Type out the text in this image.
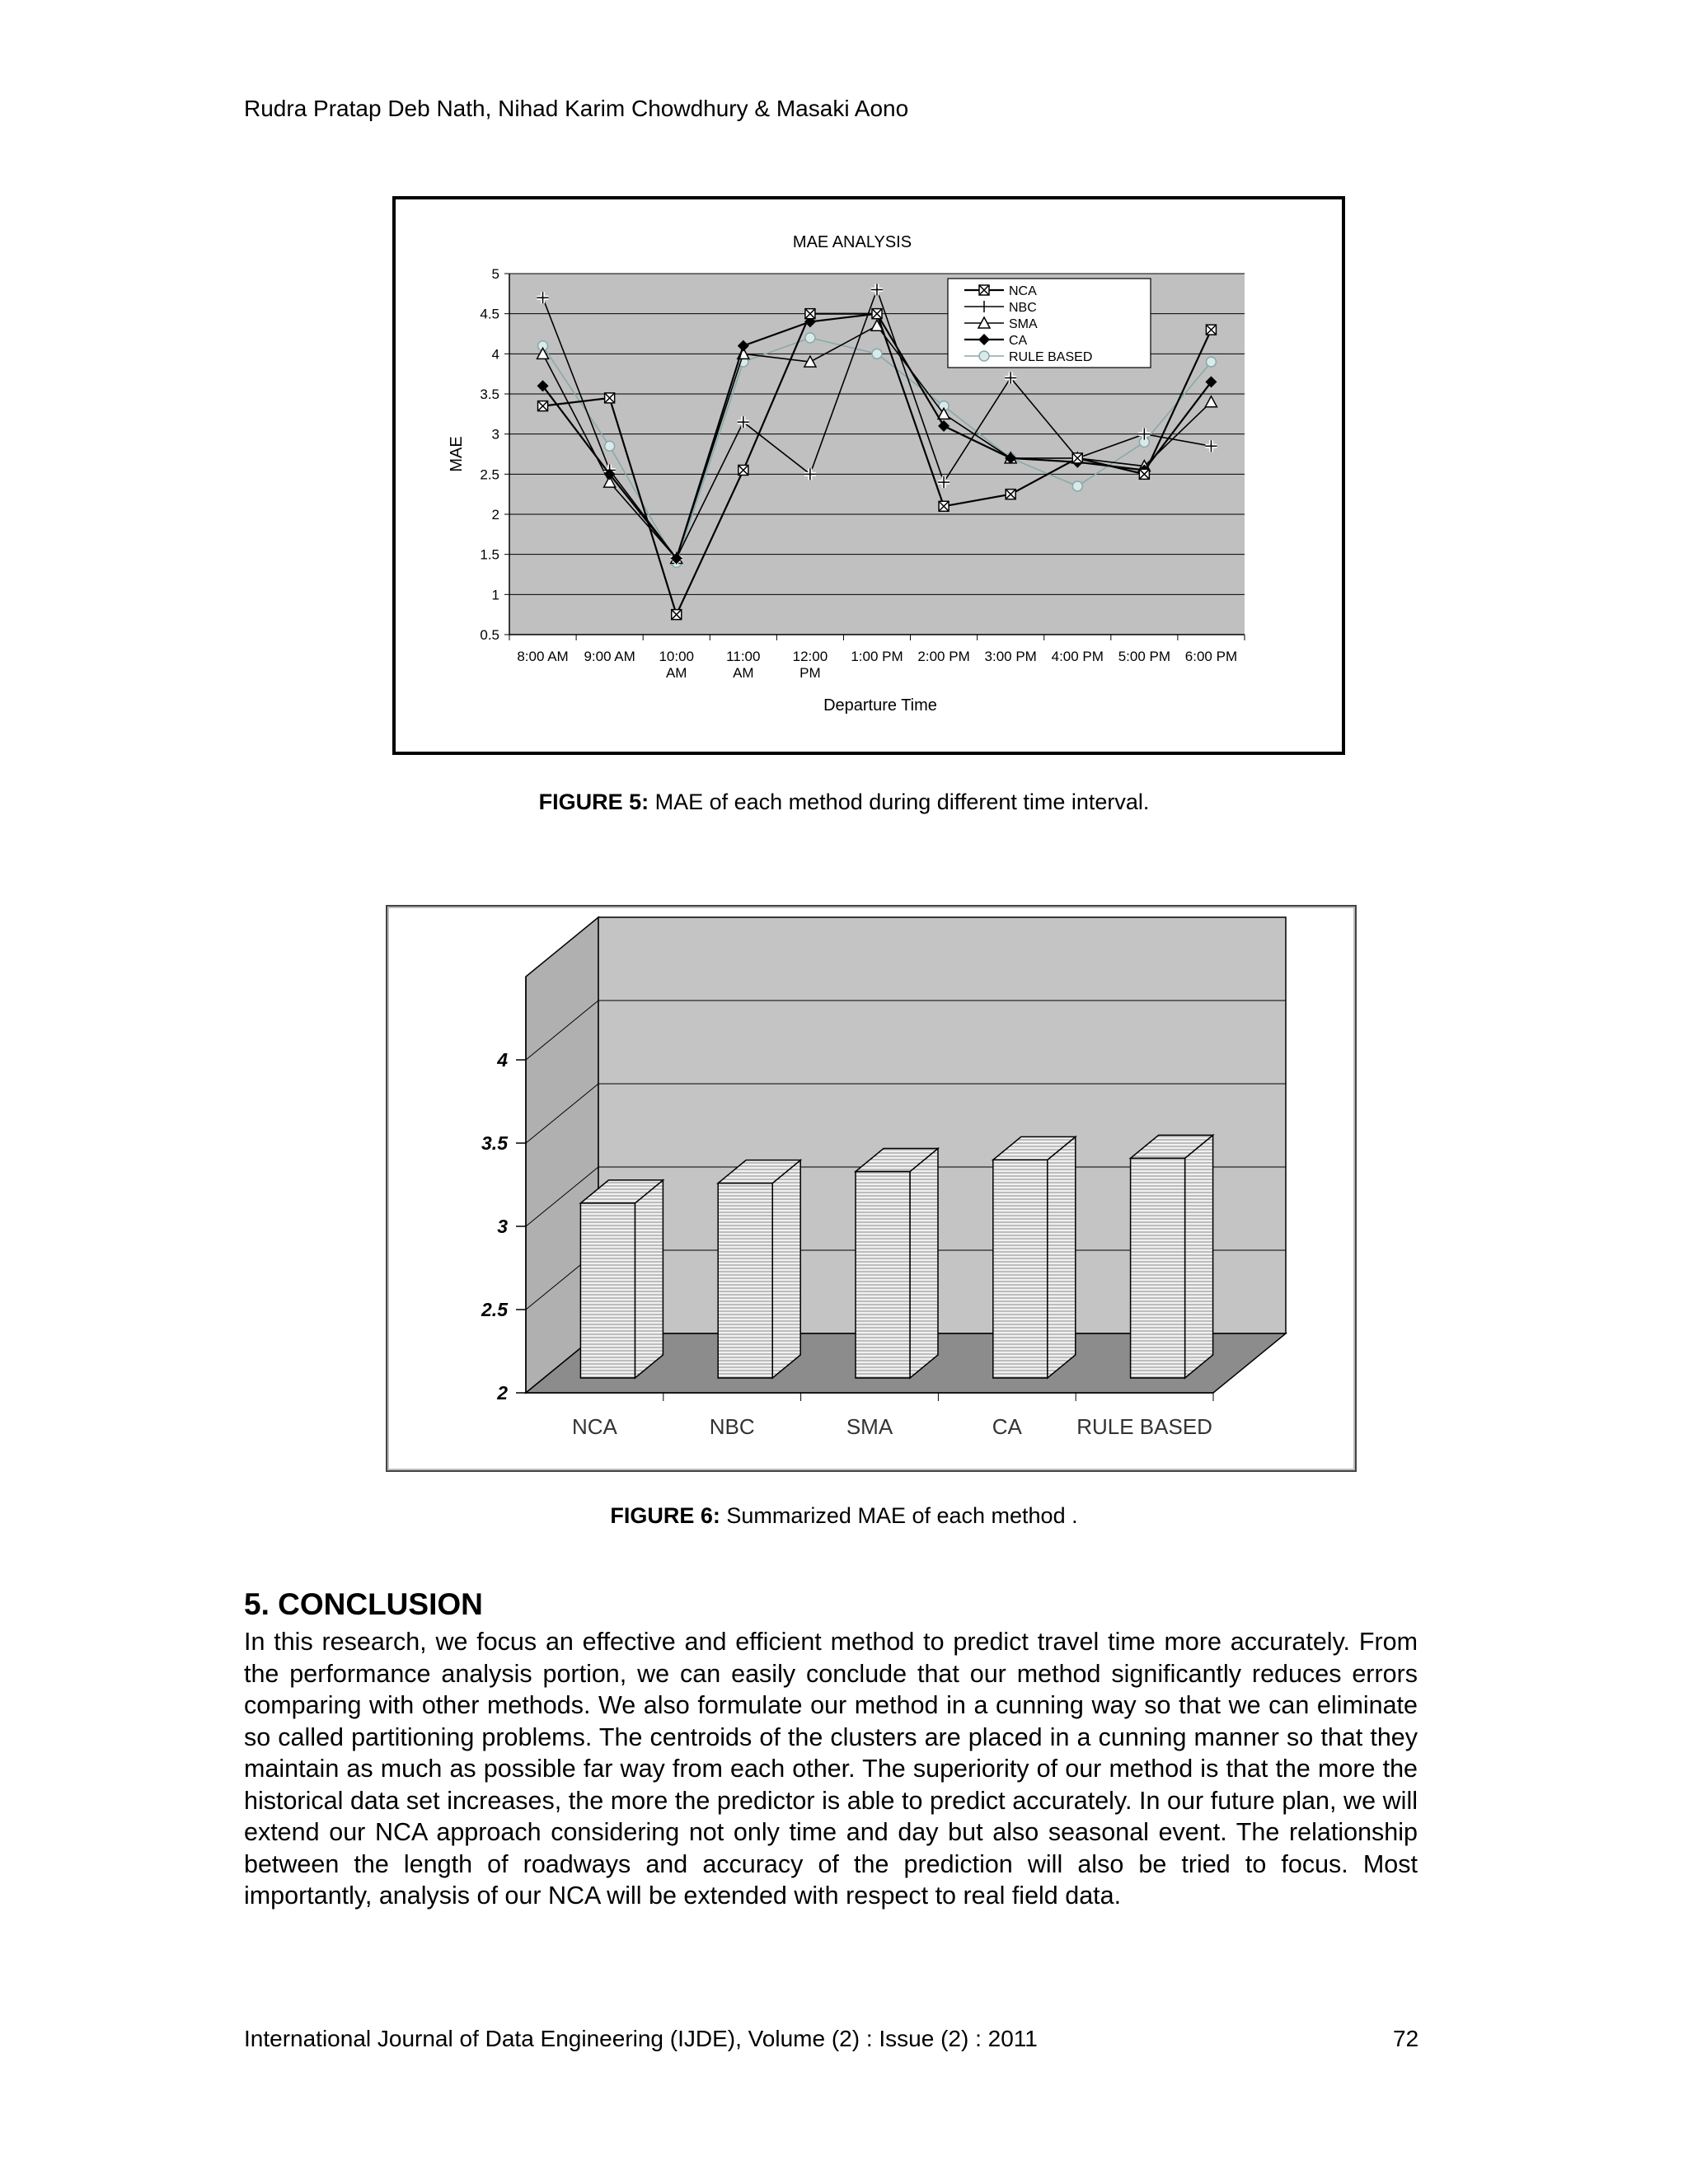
Rudra Pratap Deb Nath, Nihad Karim Chowdhury & Masaki Aono
0.5
1
1.5
2
2.5
3
3.5
4
4.5
5
8:00 AM 9:00 AM 10:00
AM
11:00
AM
12:00
PM
1:00 PM 2:00 PM 3:00 PM 4:00 PM 5:00 PM 6:00 PM
MAE ANALYSIS
Departure Time
MAE
NCA
NBC
SMA
CA
RULE BASED
FIGURE 5: MAE of each method during different time interval.
2
2.5
3
3.5
4
NCA	NBC	SMA	CA	RULE BASED
FIGURE 6: Summarized MAE of each method .
5. CONCLUSION
In this research, we focus an effective and efficient method to predict travel time more accurately. From the performance analysis portion, we can easily conclude that our method significantly reduces errors comparing with other methods. We also formulate our method in a cunning way so that we can eliminate so called partitioning problems. The centroids of the clusters are placed in a cunning manner so that they maintain as much as possible far way from each other. The superiority of our method is that the more the historical data set increases, the more the predictor is able to predict accurately. In our future plan, we will extend our NCA approach considering not only time and day but also seasonal event. The relationship between the length of roadways and accuracy of the prediction will also be tried to focus. Most importantly, analysis of our NCA will be extended with respect to real field data.
International Journal of Data Engineering (IJDE), Volume (2) : Issue (2) : 2011	72
